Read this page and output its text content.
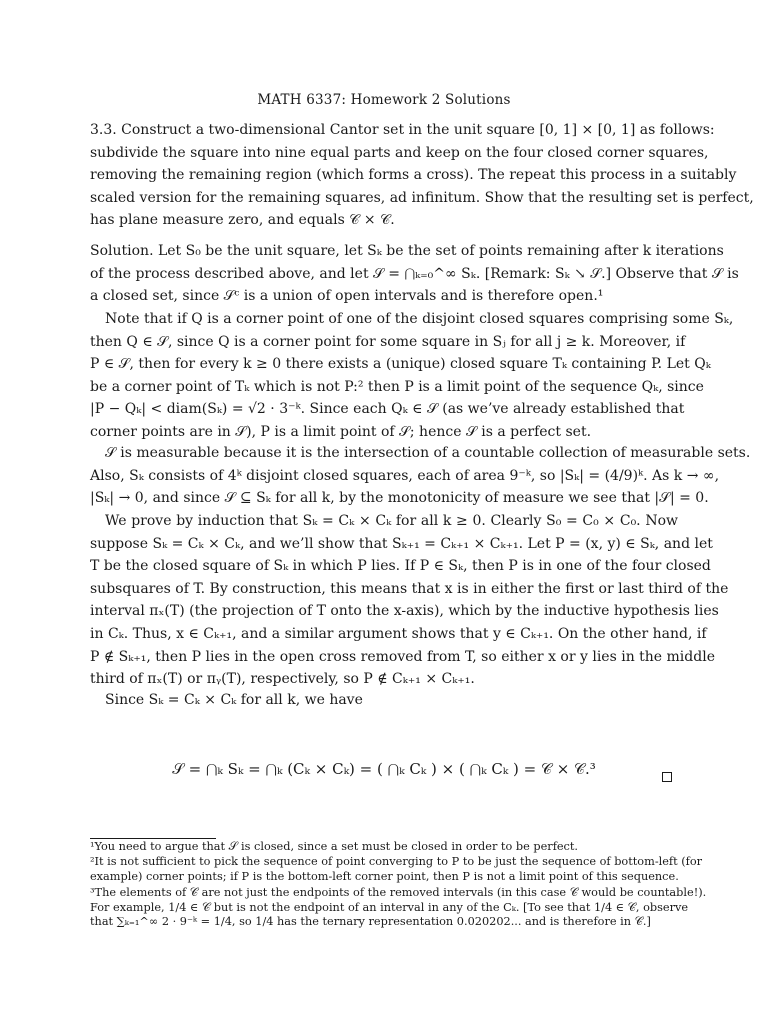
MATH 6337: Homework 2 Solutions
3.3. Construct a two-dimensional Cantor set in the unit square [0, 1] × [0, 1] as follows:
subdivide the square into nine equal parts and keep on the four closed corner squares,
removing the remaining region (which forms a cross). The repeat this process in a suitably
scaled version for the remaining squares, ad infinitum. Show that the resulting set is perfect,
has plane measure zero, and equals 𝒞 × 𝒞.
Solution. Let S₀ be the unit square, let Sₖ be the set of points remaining after k iterations
of the process described above, and let 𝒮 = ⋂ₖ₌₀^∞ Sₖ. [Remark: Sₖ ↘ 𝒮.] Observe that 𝒮 is
a closed set, since 𝒮ᶜ is a union of open intervals and is therefore open.¹
Note that if Q is a corner point of one of the disjoint closed squares comprising some Sₖ,
then Q ∈ 𝒮, since Q is a corner point for some square in Sⱼ for all j ≥ k. Moreover, if
P ∈ 𝒮, then for every k ≥ 0 there exists a (unique) closed square Tₖ containing P. Let Qₖ
be a corner point of Tₖ which is not P:² then P is a limit point of the sequence Qₖ, since
|P − Qₖ| < diam(Sₖ) = √2 · 3⁻ᵏ. Since each Qₖ ∈ 𝒮 (as we’ve already established that
corner points are in 𝒮), P is a limit point of 𝒮; hence 𝒮 is a perfect set.
𝒮 is measurable because it is the intersection of a countable collection of measurable sets.
Also, Sₖ consists of 4ᵏ disjoint closed squares, each of area 9⁻ᵏ, so |Sₖ| = (4/9)ᵏ. As k → ∞,
|Sₖ| → 0, and since 𝒮 ⊆ Sₖ for all k, by the monotonicity of measure we see that |𝒮| = 0.
We prove by induction that Sₖ = Cₖ × Cₖ for all k ≥ 0. Clearly S₀ = C₀ × C₀. Now
suppose Sₖ = Cₖ × Cₖ, and we’ll show that Sₖ₊₁ = Cₖ₊₁ × Cₖ₊₁. Let P = (x, y) ∈ Sₖ, and let
T be the closed square of Sₖ in which P lies. If P ∈ Sₖ, then P is in one of the four closed
subsquares of T. By construction, this means that x is in either the first or last third of the
interval πₓ(T) (the projection of T onto the x-axis), which by the inductive hypothesis lies
in Cₖ. Thus, x ∈ Cₖ₊₁, and a similar argument shows that y ∈ Cₖ₊₁. On the other hand, if
P ∉ Sₖ₊₁, then P lies in the open cross removed from T, so either x or y lies in the middle
third of πₓ(T) or πᵧ(T), respectively, so P ∉ Cₖ₊₁ × Cₖ₊₁.
Since Sₖ = Cₖ × Cₖ for all k, we have
𝒮 = ⋂ₖ Sₖ = ⋂ₖ (Cₖ × Cₖ) = ( ⋂ₖ Cₖ ) × ( ⋂ₖ Cₖ ) = 𝒞 × 𝒞.³
¹You need to argue that 𝒮 is closed, since a set must be closed in order to be perfect.
²It is not sufficient to pick the sequence of point converging to P to be just the sequence of bottom-left (for
example) corner points; if P is the bottom-left corner point, then P is not a limit point of this sequence.
³The elements of 𝒞 are not just the endpoints of the removed intervals (in this case 𝒞 would be countable!).
For example, 1/4 ∈ 𝒞 but is not the endpoint of an interval in any of the Cₖ. [To see that 1/4 ∈ 𝒞, observe
that ∑ₖ₌₁^∞ 2 · 9⁻ᵏ = 1/4, so 1/4 has the ternary representation 0.020202... and is therefore in 𝒞.]
